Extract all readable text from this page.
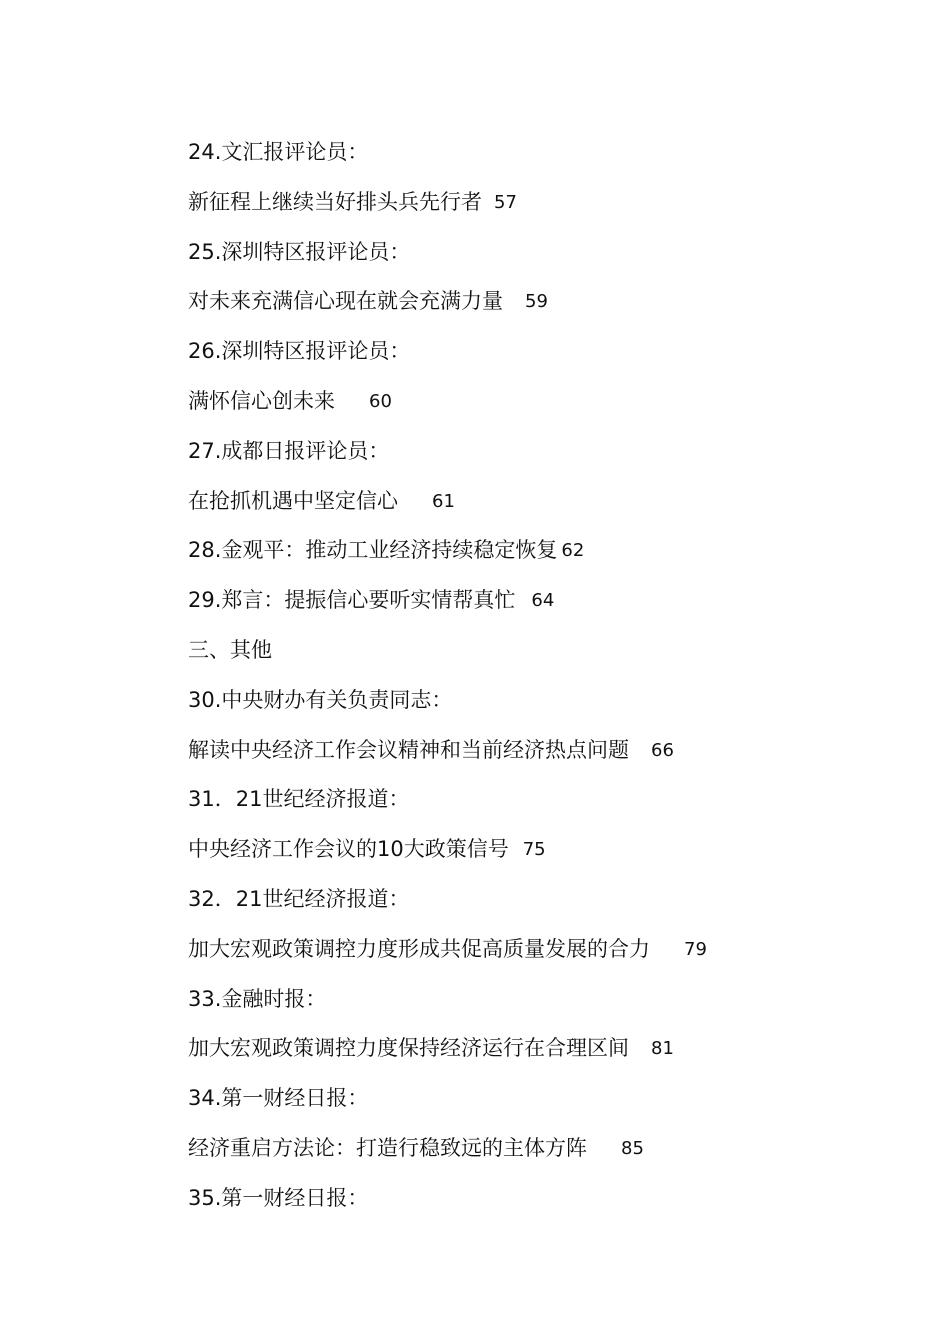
24.文汇报评论员：
新征程上继续当好排头兵先行者 57
25.深圳特区报评论员：
对未来充满信心现在就会充满力量 59
26.深圳特区报评论员：
满怀信心创未来 60
27.成都日报评论员：
在抢抓机遇中坚定信心 61
28.金观平：推动工业经济持续稳定恢复 62
29.郑言：提振信心要听实情帮真忙 64
三、其他
30.中央财办有关负责同志：
解读中央经济工作会议精神和当前经济热点问题 66
31．21世纪经济报道：
中央经济工作会议的10大政策信号 75
32．21世纪经济报道：
加大宏观政策调控力度形成共促高质量发展的合力 79
33.金融时报：
加大宏观政策调控力度保持经济运行在合理区间 81
34.第一财经日报：
经济重启方法论：打造行稳致远的主体方阵 85
35.第一财经日报：
